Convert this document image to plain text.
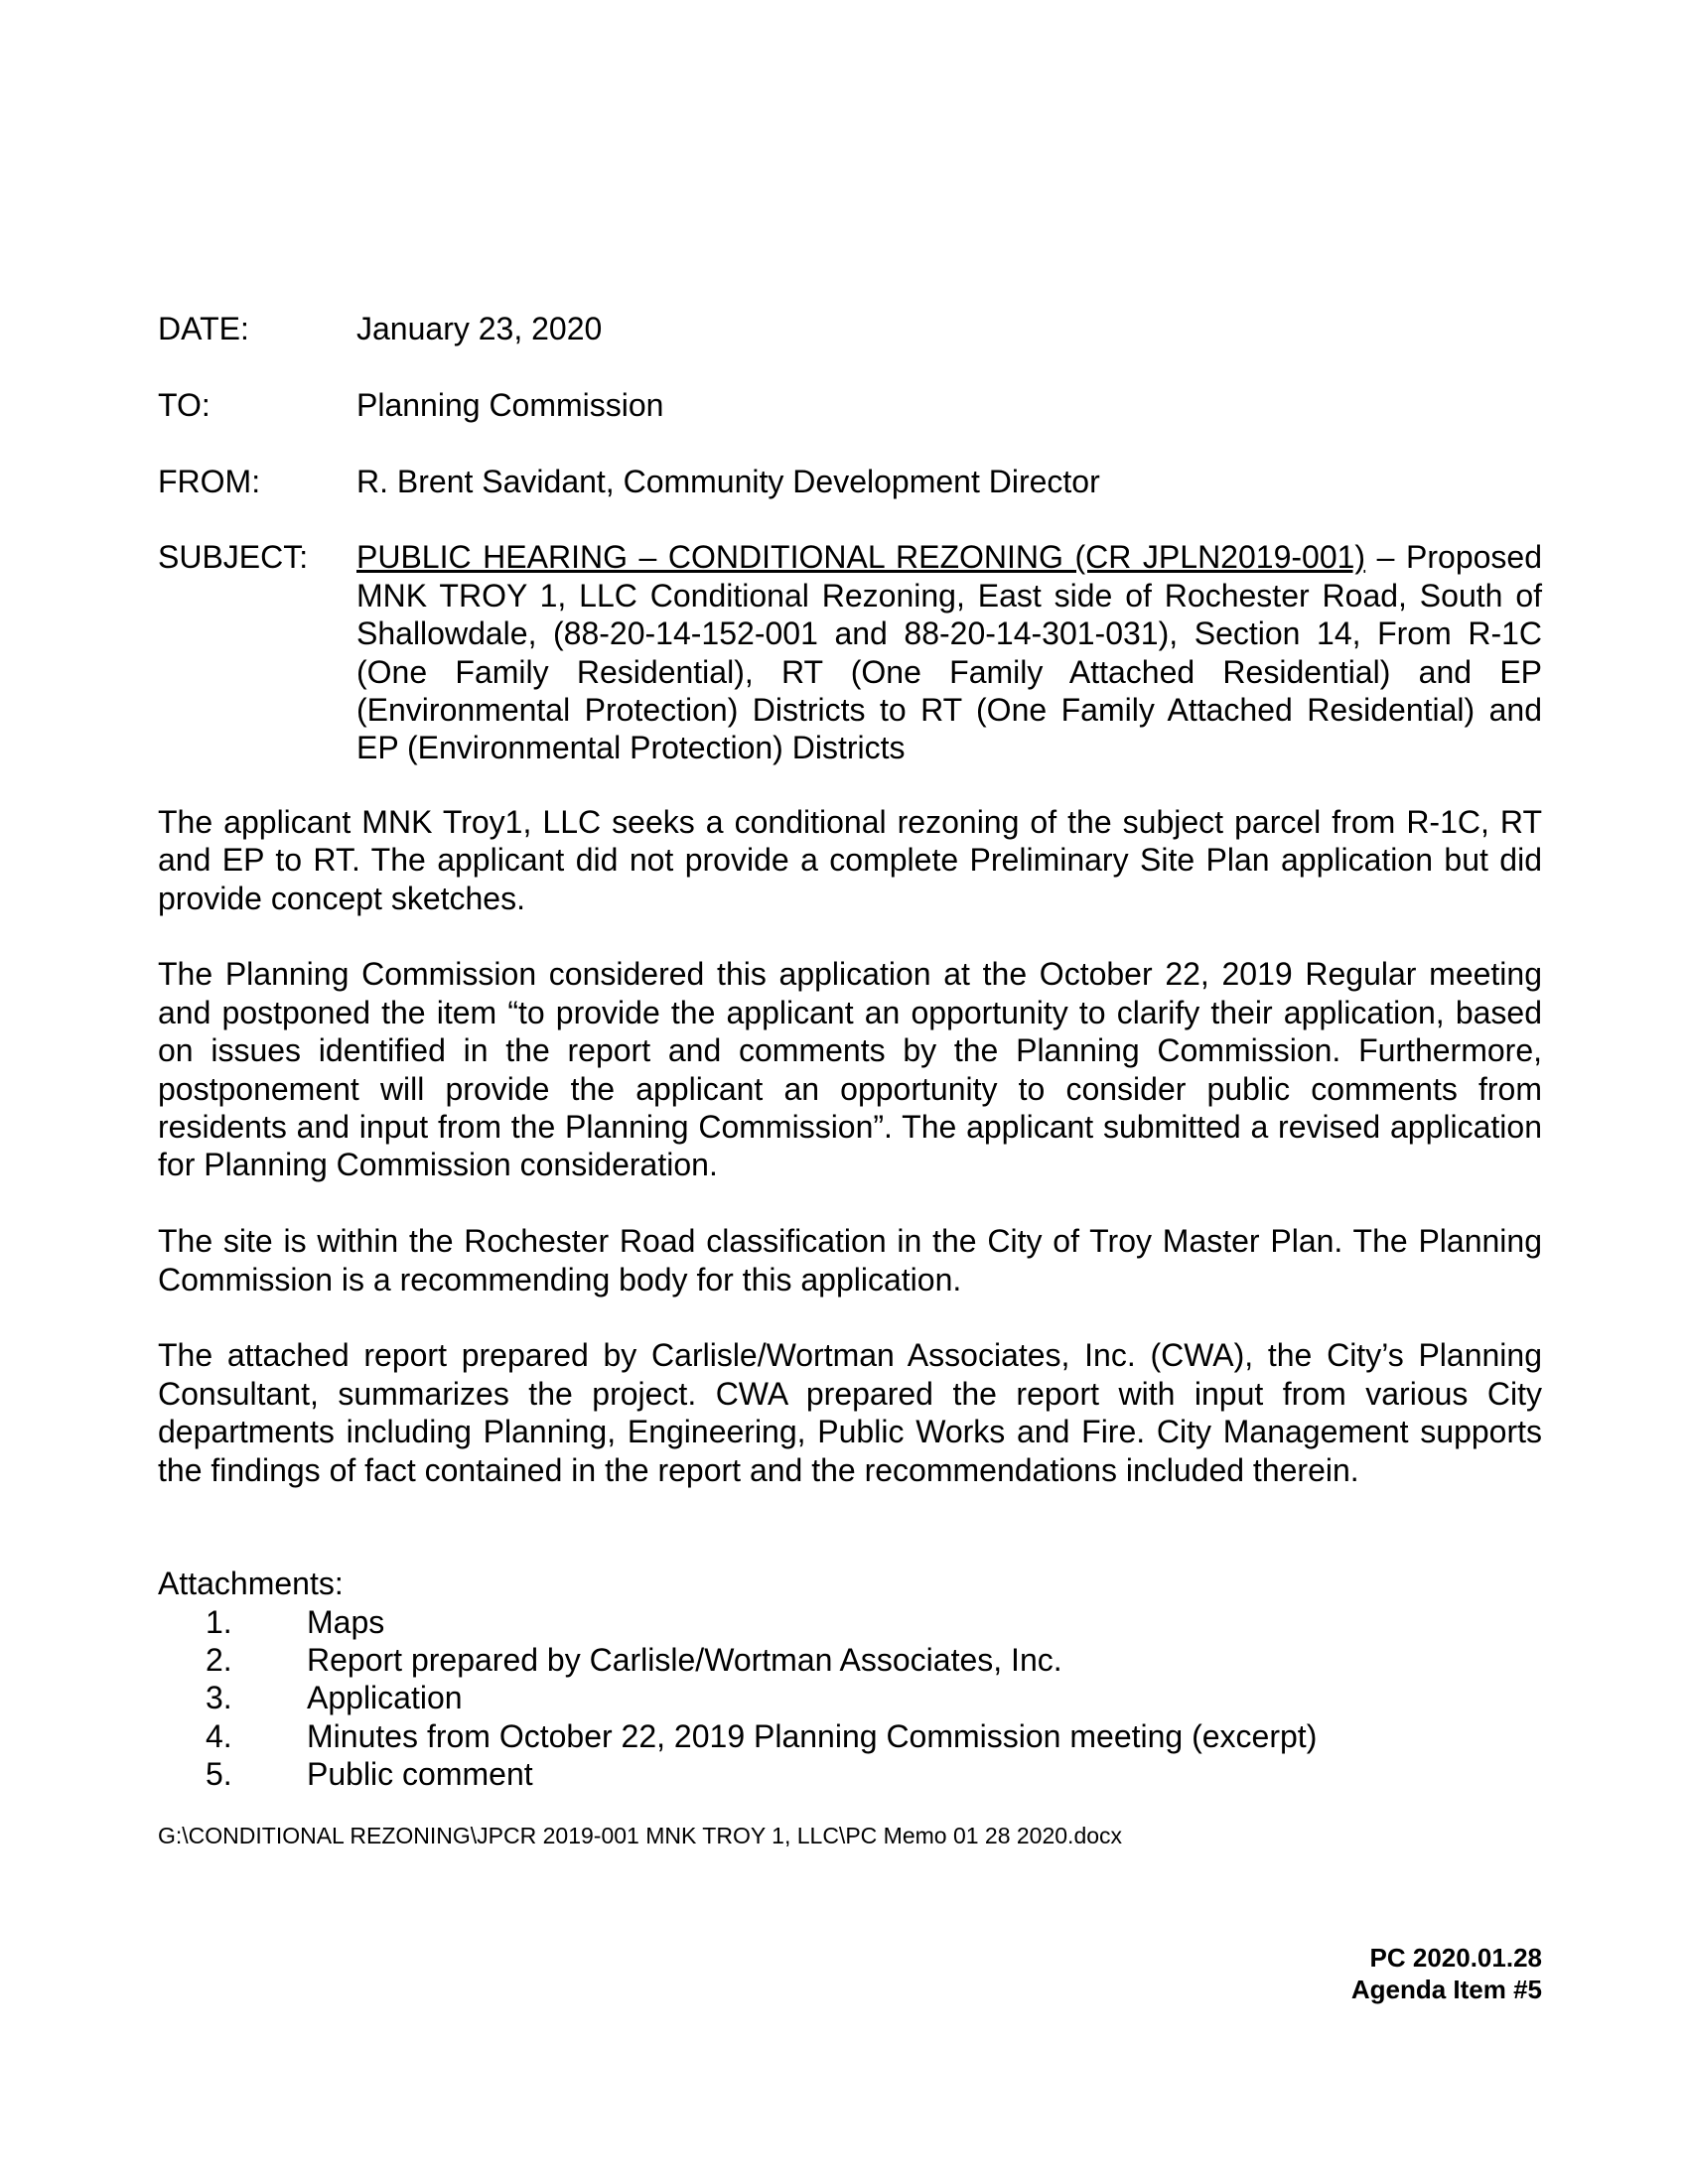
DATE:	January 23, 2020
TO:	Planning Commission
FROM:	R. Brent Savidant, Community Development Director
SUBJECT:	PUBLIC HEARING – CONDITIONAL REZONING (CR JPLN2019-001) – Proposed MNK TROY 1, LLC Conditional Rezoning, East side of Rochester Road, South of Shallowdale, (88-20-14-152-001 and 88-20-14-301-031), Section 14, From R-1C (One Family Residential), RT (One Family Attached Residential) and EP (Environmental Protection) Districts to RT (One Family Attached Residential) and EP (Environmental Protection) Districts

The applicant MNK Troy1, LLC seeks a conditional rezoning of the subject parcel from R-1C, RT and EP to RT. The applicant did not provide a complete Preliminary Site Plan application but did provide concept sketches.

The Planning Commission considered this application at the October 22, 2019 Regular meeting and postponed the item “to provide the applicant an opportunity to clarify their application, based on issues identified in the report and comments by the Planning Commission. Furthermore, postponement will provide the applicant an opportunity to consider public comments from residents and input from the Planning Commission”. The applicant submitted a revised application for Planning Commission consideration.

The site is within the Rochester Road classification in the City of Troy Master Plan. The Planning Commission is a recommending body for this application.

The attached report prepared by Carlisle/Wortman Associates, Inc. (CWA), the City’s Planning Consultant, summarizes the project. CWA prepared the report with input from various City departments including Planning, Engineering, Public Works and Fire. City Management supports the findings of fact contained in the report and the recommendations included therein.

Attachments:
1.	Maps
2.	Report prepared by Carlisle/Wortman Associates, Inc.
3.	Application
4.	Minutes from October 22, 2019 Planning Commission meeting (excerpt)
5.	Public comment
G:\CONDITIONAL REZONING\JPCR 2019-001 MNK TROY 1, LLC\PC Memo 01 28 2020.docx
PC 2020.01.28
Agenda Item #5
